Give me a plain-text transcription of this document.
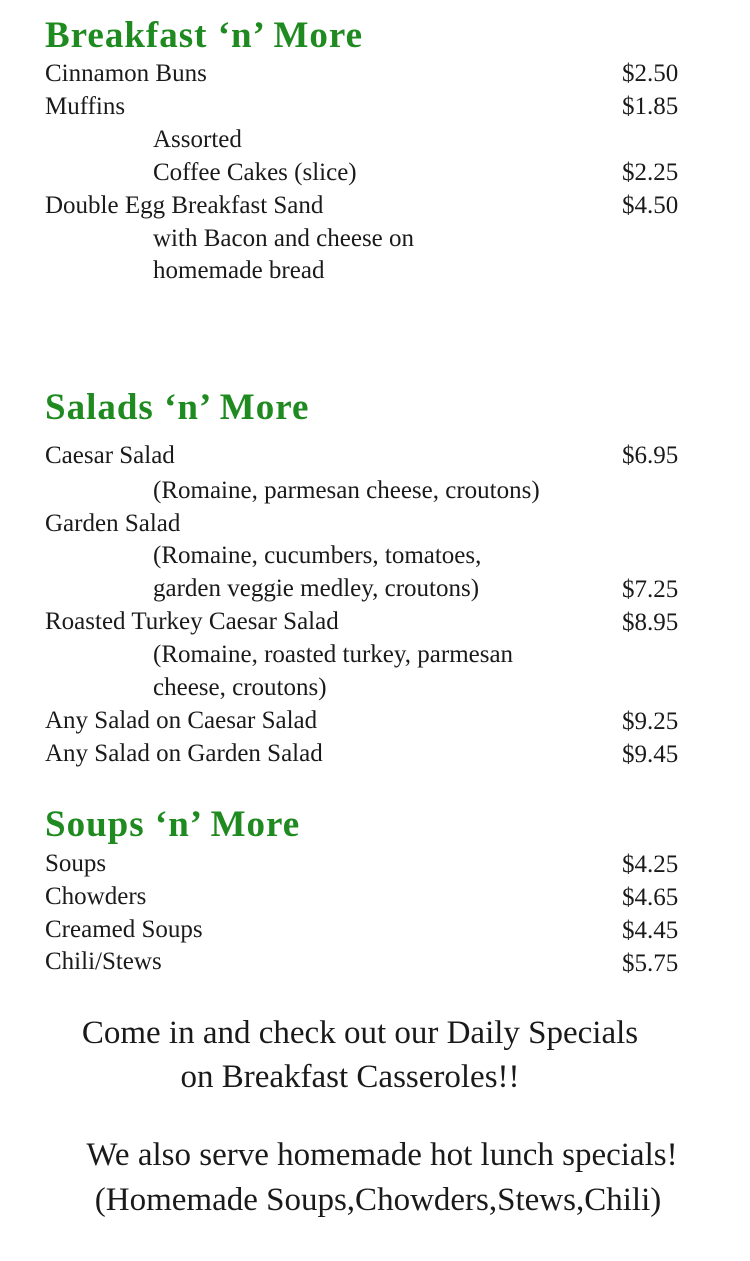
Breakfast ‘n’ More
Cinnamon Buns	$2.50
Muffins	$1.85
Assorted
Coffee Cakes (slice)	$2.25
Double Egg Breakfast Sand	$4.50
with Bacon and cheese on
homemade bread
Salads ‘n’ More
Caesar Salad	$6.95
(Romaine, parmesan cheese, croutons)
Garden Salad
(Romaine, cucumbers, tomatoes,
garden veggie medley, croutons)	$7.25
Roasted Turkey Caesar Salad	$8.95
(Romaine, roasted turkey, parmesan
cheese, croutons)
Any Salad on Caesar Salad	$9.25
Any Salad on Garden Salad	$9.45
Soups ‘n’ More
Soups	$4.25
Chowders	$4.65
Creamed Soups	$4.45
Chili/Stews	$5.75
Come in and check out our Daily Specials
on Breakfast Casseroles!!
We also serve homemade hot lunch specials!
(Homemade Soups,Chowders,Stews,Chili)
